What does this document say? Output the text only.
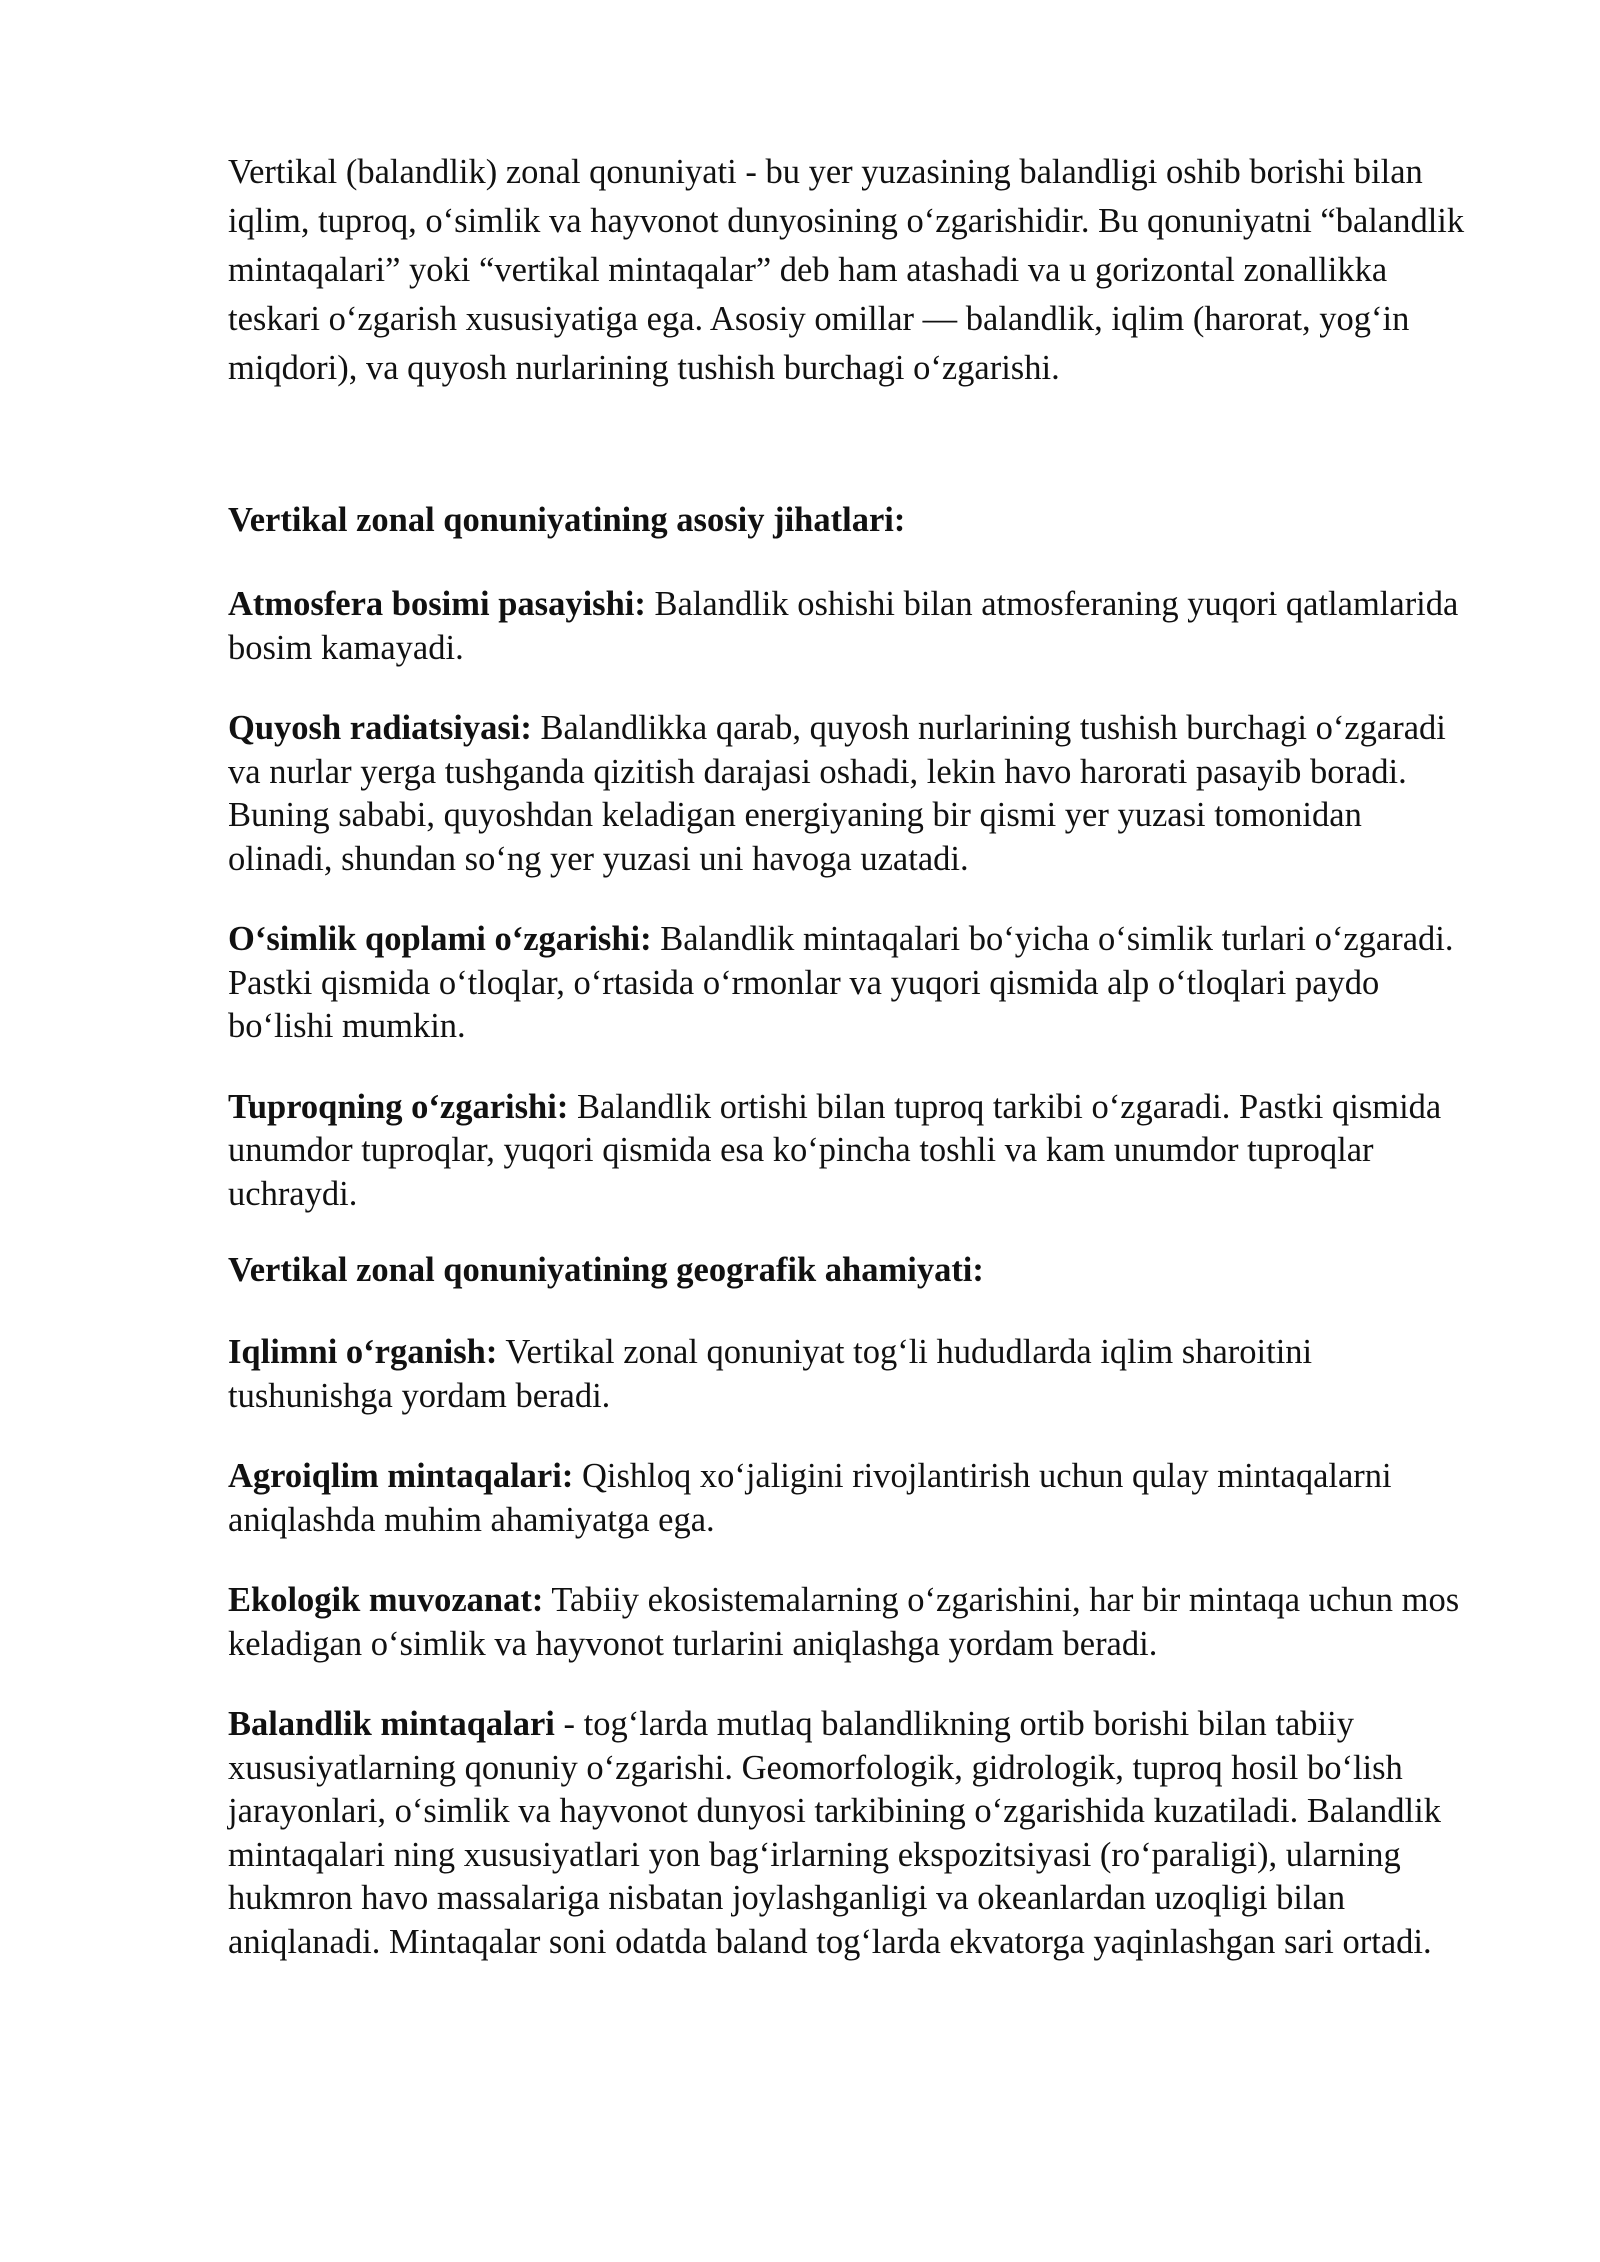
Vertikal (balandlik) zonal qonuniyati - bu yer yuzasining balandligi oshib borishi bilan iqlim, tuproq, o‘simlik va hayvonot dunyosining o‘zgarishidir. Bu qonuniyatni “balandlik mintaqalari” yoki “vertikal mintaqalar” deb ham atashadi va u gorizontal zonallikka teskari o‘zgarish xususiyatiga ega. Asosiy omillar — balandlik, iqlim (harorat, yog‘in miqdori), va quyosh nurlarining tushish burchagi o‘zgarishi.

Vertikal zonal qonuniyatining asosiy jihatlari:

Atmosfera bosimi pasayishi: Balandlik oshishi bilan atmosferaning yuqori qatlamlarida bosim kamayadi.

Quyosh radiatsiyasi: Balandlikka qarab, quyosh nurlarining tushish burchagi o‘zgaradi va nurlar yerga tushganda qizitish darajasi oshadi, lekin havo harorati pasayib boradi. Buning sababi, quyoshdan keladigan energiyaning bir qismi yer yuzasi tomonidan olinadi, shundan so‘ng yer yuzasi uni havoga uzatadi.

O‘simlik qoplami o‘zgarishi: Balandlik mintaqalari bo‘yicha o‘simlik turlari o‘zgaradi. Pastki qismida o‘tloqlar, o‘rtasida o‘rmonlar va yuqori qismida alp o‘tloqlari paydo bo‘lishi mumkin.

Tuproqning o‘zgarishi: Balandlik ortishi bilan tuproq tarkibi o‘zgaradi. Pastki qismida unumdor tuproqlar, yuqori qismida esa ko‘pincha toshli va kam unumdor tuproqlar uchraydi.

Vertikal zonal qonuniyatining geografik ahamiyati:

Iqlimni o‘rganish: Vertikal zonal qonuniyat tog‘li hududlarda iqlim sharoitini tushunishga yordam beradi.

Agroiqlim mintaqalari: Qishloq xo‘jaligini rivojlantirish uchun qulay mintaqalarni aniqlashda muhim ahamiyatga ega.

Ekologik muvozanat: Tabiiy ekosistemalarning o‘zgarishini, har bir mintaqa uchun mos keladigan o‘simlik va hayvonot turlarini aniqlashga yordam beradi.

Balandlik mintaqalari - tog‘larda mutlaq balandlikning ortib borishi bilan tabiiy xususiyatlarning qonuniy o‘zgarishi. Geomorfologik, gidrologik, tuproq hosil bo‘lish jarayonlari, o‘simlik va hayvonot dunyosi tarkibining o‘zgarishida kuzatiladi. Balandlik mintaqalari ning xususiyatlari yon bag‘irlarning ekspozitsiyasi (ro‘paraligi), ularning hukmron havo massalariga nisbatan joylashganligi va okeanlardan uzoqligi bilan aniqlanadi. Mintaqalar soni odatda baland tog‘larda ekvatorga yaqinlashgan sari ortadi.
